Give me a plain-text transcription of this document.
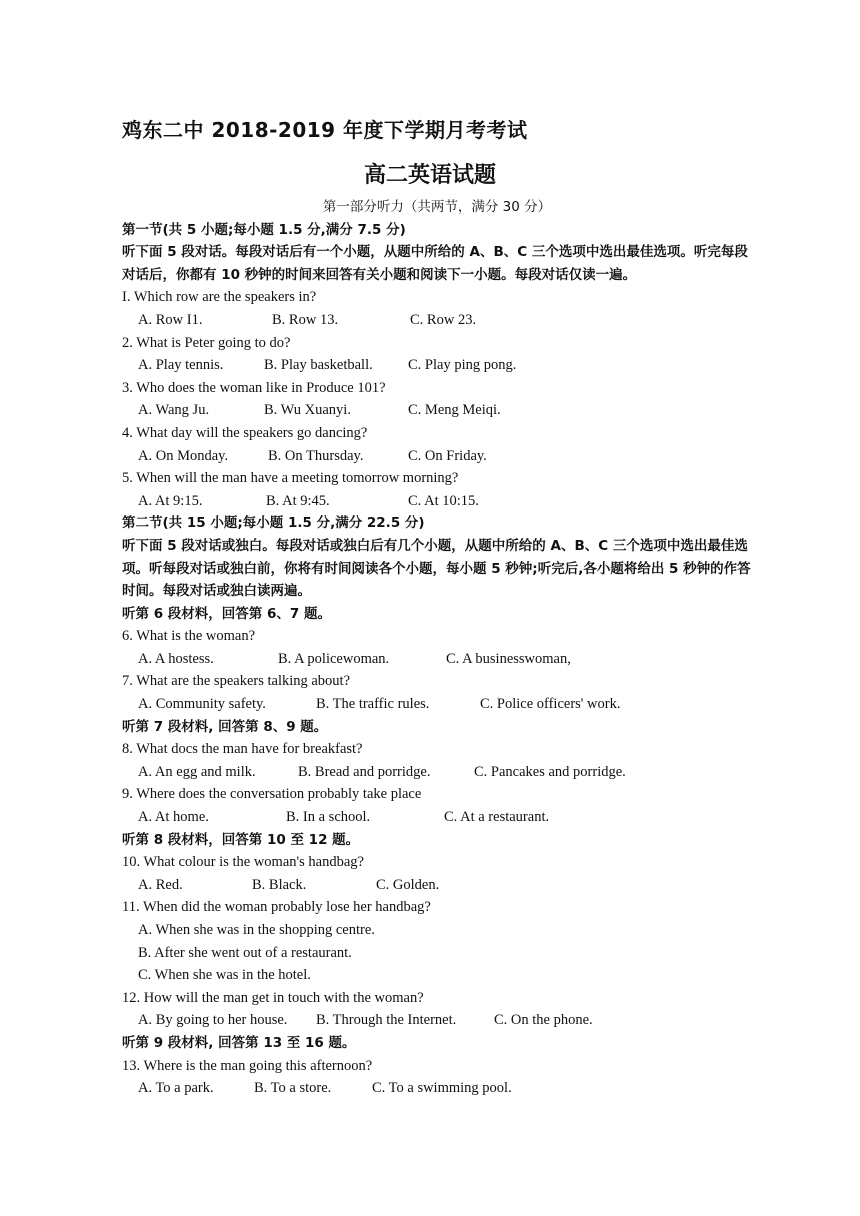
鸡东二中 2018-2019 年度下学期月考考试
高二英语试题
第一部分听力（共两节，满分 30 分）
第一节(共 5 小题;每小题 1.5 分,满分 7.5 分)
听下面 5 段对话。每段对话后有一个小题，从题中所给的 A、B、C 三个选项中选出最佳选项。听完每段对话后，你都有 10 秒钟的时间来回答有关小题和阅读下一小题。每段对话仅读一遍。
I. Which row are the speakers in?
A. Row I1.	B. Row 13.	C. Row 23.
2. What is Peter going to do?
A. Play tennis.	B. Play basketball. C. Play ping pong.
3. Who does the woman like in Produce 101?
A. Wang Ju.	B. Wu Xuanyi.	C. Meng Meiqi.
4. What day will the speakers go dancing?
A. On Monday.	B. On Thursday.	C. On Friday.
5. When will the man have a meeting tomorrow morning?
A. At 9:15.	B. At 9:45.	C. At 10:15.
第二节(共 15 小题;每小题 1.5 分,满分 22.5 分)
听下面 5 段对话或独白。每段对话或独白后有几个小题，从题中所给的 A、B、C 三个选项中选出最佳选项。听每段对话或独白前，你将有时间阅读各个小题，每小题 5 秒钟;听完后,各小题将给出 5 秒钟的作答时间。每段对话或独白读两遍。
听第 6 段材料，回答第 6、7 题。
6. What is the woman?
A. A hostess.	B. A policewoman.	C. A businesswoman,
7. What are the speakers talking about?
A. Community safety.	B. The traffic rules.	C. Police officers' work.
听第 7 段材料, 回答第 8、9 题。
8. What docs the man have for breakfast?
A. An egg and milk.	B. Bread and porridge.	C. Pancakes and porridge.
9. Where does the conversation probably take place
A. At home.	B. In a school.	C. At a restaurant.
听第 8 段材料，回答第 10 至 12 题。
10. What colour is the woman's handbag?
A. Red.	B. Black.	C. Golden.
11. When did the woman probably lose her handbag?
A. When she was in the shopping centre.
B. After she went out of a restaurant.
C. When she was in the hotel.
12. How will the man get in touch with the woman?
A. By going to her house. B. Through the Internet.	C. On the phone.
听第 9 段材料, 回答第 13 至 16 题。
13. Where is the man going this afternoon?
A. To a park.	B. To a store.	C. To a swimming pool.
